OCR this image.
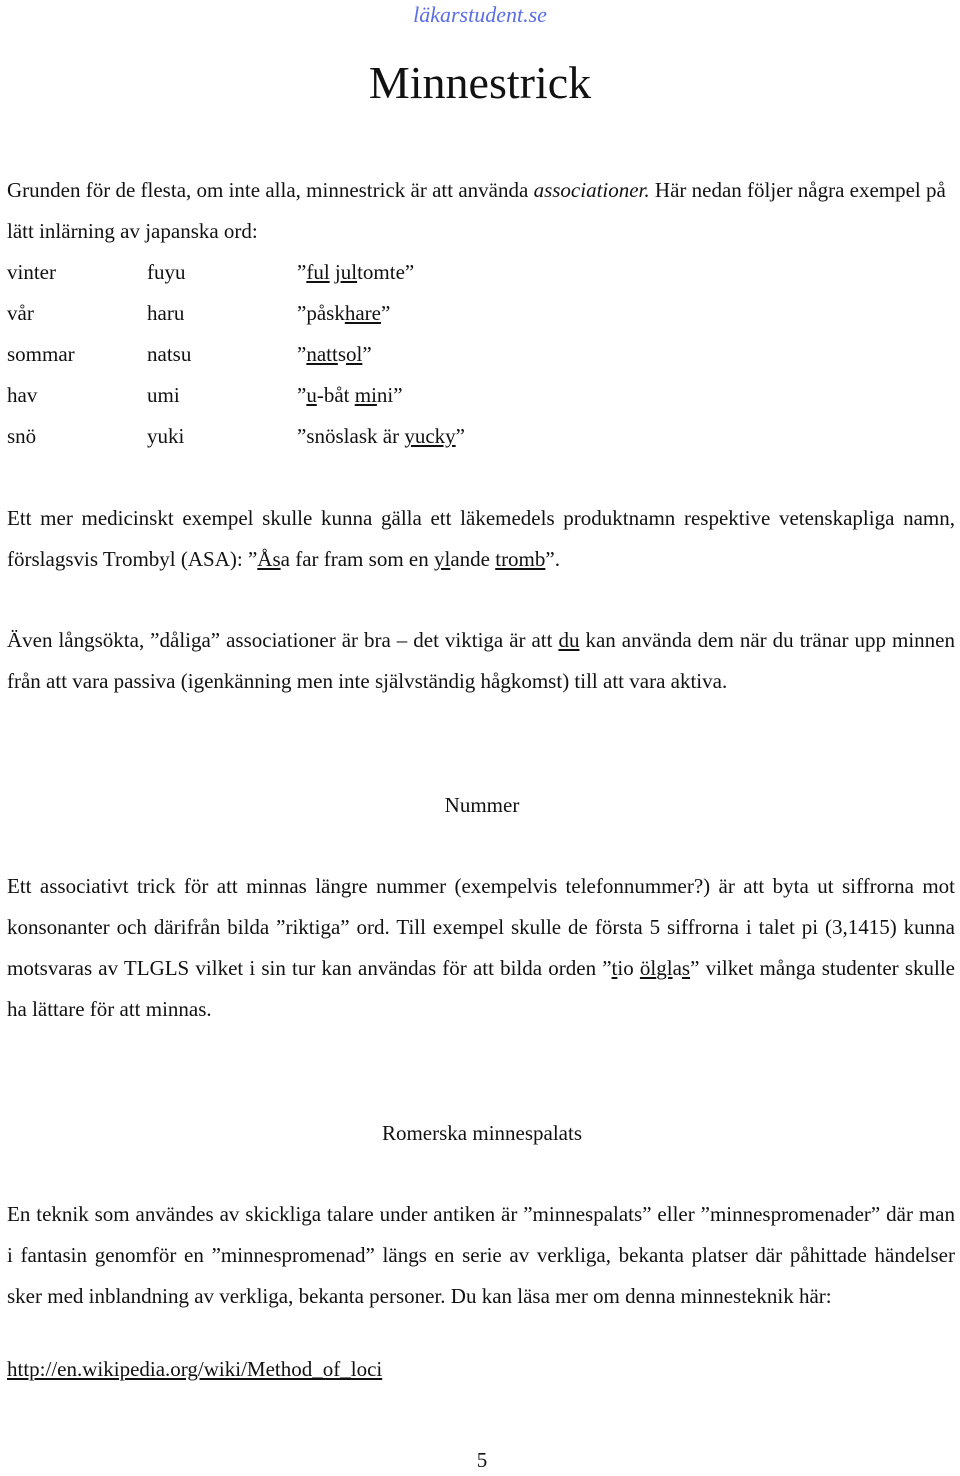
läkarstudent.se
Minnestrick

Grunden för de flesta, om inte alla, minnestrick är att använda associationer. Här nedan följer några exempel på lätt inlärning av japanska ord:

vinter	fuyu	”ful jultomte”
vår	haru	”påskhare”
sommar	natsu	”nattsol”
hav	umi	”u-båt mini”
snö	yuki	”snöslask är yucky”

Ett mer medicinskt exempel skulle kunna gälla ett läkemedels produktnamn respektive vetenskapliga namn, förslagsvis Trombyl (ASA): ”Åsa far fram som en ylande tromb”.

Även långsökta, ”dåliga” associationer är bra – det viktiga är att du kan använda dem när du tränar upp minnen från att vara passiva (igenkänning men inte självständig hågkomst) till att vara aktiva.

Nummer

Ett associativt trick för att minnas längre nummer (exempelvis telefonnummer?) är att byta ut siffrorna mot konsonanter och därifrån bilda ”riktiga” ord. Till exempel skulle de första 5 siffrorna i talet pi (3,1415) kunna motsvaras av TLGLS vilket i sin tur kan användas för att bilda orden ”tio ölglas” vilket många studenter skulle ha lättare för att minnas.

Romerska minnespalats

En teknik som användes av skickliga talare under antiken är ”minnespalats” eller ”minnespromenader” där man i fantasin genomför en ”minnespromenad” längs en serie av verkliga, bekanta platser där påhittade händelser sker med inblandning av verkliga, bekanta personer. Du kan läsa mer om denna minnesteknik här:

http://en.wikipedia.org/wiki/Method_of_loci
5
